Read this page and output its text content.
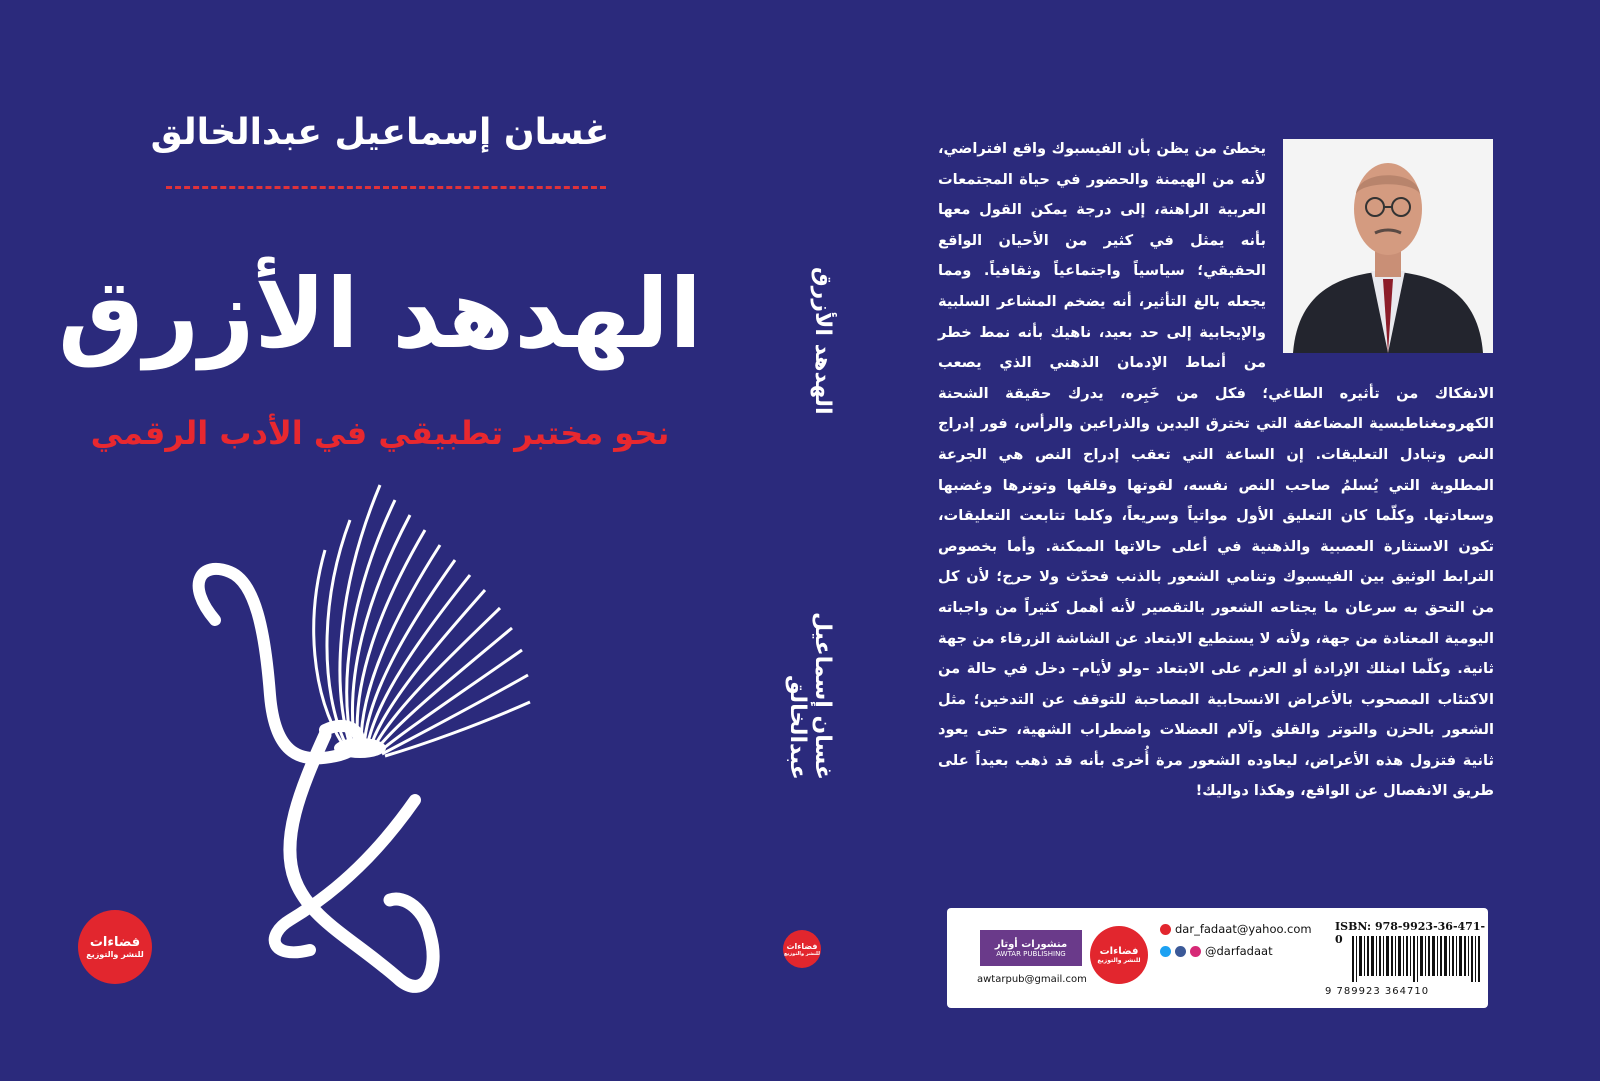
غسان إسماعيل عبدالخالق
الهدهد الأزرق
نحو مختبر تطبيقي في الأدب الرقمي
فضاءات
للنشر والتوزيع
الهدهد الأزرق
غسان إسماعيل عبدالخالق
فضاءات
للنشر والتوزيع
يخطئ من يظن بأن الفيسبوك واقع افتراضي، لأنه من الهيمنة والحضور في حياة المجتمعات العربية الراهنة، إلى درجة يمكن القول معها بأنه يمثل في كثير من الأحيان الواقع الحقيقي؛ سياسياً واجتماعياً وثقافياً. ومما يجعله بالغ التأثير، أنه يضخم المشاعر السلبية والإيجابية إلى حد بعيد، ناهيك بأنه نمط خطر من أنماط الإدمان الذهني الذي يصعب الانفكاك من تأثيره الطاغي؛ فكل من خَبِره، يدرك حقيقة الشحنة الكهرومغناطيسية المضاعفة التي تخترق اليدين والذراعين والرأس، فور إدراج النص وتبادل التعليقات. إن الساعة التي تعقب إدراج النص هي الجرعة المطلوبة التي يُسلمُ صاحب النص نفسه، لقوتها وقلقها وتوترها وغضبها وسعادتها. وكلّما كان التعليق الأول مواتياً وسريعاً، وكلما تتابعت التعليقات، تكون الاستثارة العصبية والذهنية في أعلى حالاتها الممكنة. وأما بخصوص الترابط الوثيق بين الفيسبوك وتنامي الشعور بالذنب فحدّث ولا حرج؛ لأن كل من التحق به سرعان ما يجتاحه الشعور بالتقصير لأنه أهمل كثيراً من واجباته اليومية المعتادة من جهة، ولأنه لا يستطيع الابتعاد عن الشاشة الزرقاء من جهة ثانية. وكلّما امتلك الإرادة أو العزم على الابتعاد –ولو لأيام– دخل في حالة من الاكتئاب المصحوب بالأعراض الانسحابية المصاحبة للتوقف عن التدخين؛ مثل الشعور بالحزن والتوتر والقلق وآلام العضلات واضطراب الشهية، حتى يعود ثانية فتزول هذه الأعراض، ليعاوده الشعور مرة أُخرى بأنه قد ذهب بعيداً على طريق الانفصال عن الواقع، وهكذا دواليك!
ISBN: 978-9923-36-471-0
9 789923 364710
dar_fadaat@yahoo.com
@darfadaat
فضاءات
للنشر والتوزيع
منشورات أوتار
AWTAR PUBLISHING
awtarpub@gmail.com
